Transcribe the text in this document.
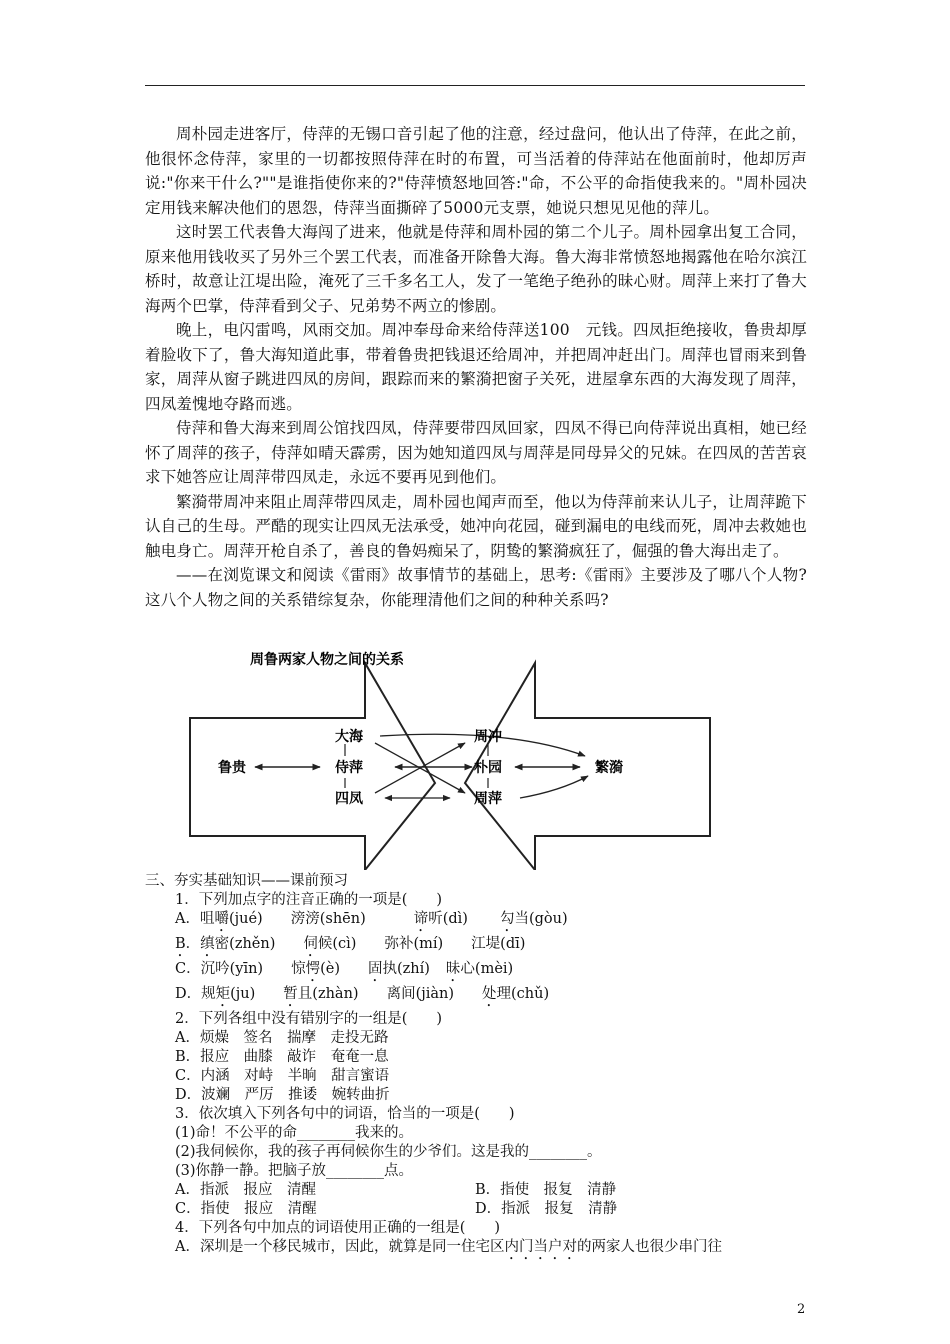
周朴园走进客厅，侍萍的无锡口音引起了他的注意，经过盘问，他认出了侍萍，在此之前，他很怀念侍萍，家里的一切都按照侍萍在时的布置，可当活着的侍萍站在他面前时，他却厉声说:"你来干什么?""是谁指使你来的?"侍萍愤怒地回答:"命，不公平的命指使我来的。"周朴园决定用钱来解决他们的恩怨，侍萍当面撕碎了5000元支票，她说只想见见他的萍儿。

这时罢工代表鲁大海闯了进来，他就是侍萍和周朴园的第二个儿子。周朴园拿出复工合同，原来他用钱收买了另外三个罢工代表，而准备开除鲁大海。鲁大海非常愤怒地揭露他在哈尔滨江桥时，故意让江堤出险，淹死了三千多名工人，发了一笔绝子绝孙的昧心财。周萍上来打了鲁大海两个巴掌，侍萍看到父子、兄弟势不两立的惨剧。

晚上，电闪雷鸣，风雨交加。周冲奉母命来给侍萍送100　元钱。四凤拒绝接收，鲁贵却厚着脸收下了，鲁大海知道此事，带着鲁贵把钱退还给周冲，并把周冲赶出门。周萍也冒雨来到鲁家，周萍从窗子跳进四凤的房间，跟踪而来的繁漪把窗子关死，进屋拿东西的大海发现了周萍，四凤羞愧地夺路而逃。

侍萍和鲁大海来到周公馆找四凤，侍萍要带四凤回家，四凤不得已向侍萍说出真相，她已经怀了周萍的孩子，侍萍如晴天霹雳，因为她知道四凤与周萍是同母异父的兄妹。在四凤的苦苦哀求下她答应让周萍带四凤走，永远不要再见到他们。

繁漪带周冲来阻止周萍带四凤走，周朴园也闻声而至，他以为侍萍前来认儿子，让周萍跪下认自己的生母。严酷的现实让四凤无法承受，她冲向花园，碰到漏电的电线而死，周冲去救她也触电身亡。周萍开枪自杀了，善良的鲁妈痴呆了，阴鸷的繁漪疯狂了，倔强的鲁大海出走了。

——在浏览课文和阅读《雷雨》故事情节的基础上，思考:《雷雨》主要涉及了哪八个人物?这八个人物之间的关系错综复杂，你能理清他们之间的种种关系吗?

周鲁两家人物之间的关系
鲁贵
大海
侍萍
四凤
周冲
朴园
周萍
繁漪
三、夯实基础知识——课前预习
1．下列加点字的注音正确的一项是(　　)
A．咀嚼(jué) 滂滂(shēn)	谛听(dì) 勾当(gòu)
B．缜密(zhěn) 伺候(cì) 弥补(mí) 江堤(dī)
C．沉吟(yīn) 惊愕(è) 固执(zhí) 昧心(mèi)
D．规矩(ju) 暂且(zhàn) 离间(jiàn) 处理(chǔ)
2．下列各组中没有错别字的一组是(　　)
A．烦燥　签名　揣摩　走投无路
B．报应　曲膝　敲诈　奄奄一息
C．内涵　对峙　半晌　甜言蜜语
D．波斓　严厉　推诿　婉转曲折
3．依次填入下列各句中的词语，恰当的一项是(　　)
(1)命！不公平的命________我来的。
(2)我伺候你，我的孩子再伺候你生的少爷们。这是我的________。
(3)你静一静。把脑子放________点。
A．指派　报应　清醒	B．指使　报复　清静
C．指使　报应　清醒	D．指派　报复　清静
4．下列各句中加点的词语使用正确的一组是(　　)
A．深圳是一个移民城市，因此，就算是同一住宅区内门当户对的两家人也很少串门往
2
